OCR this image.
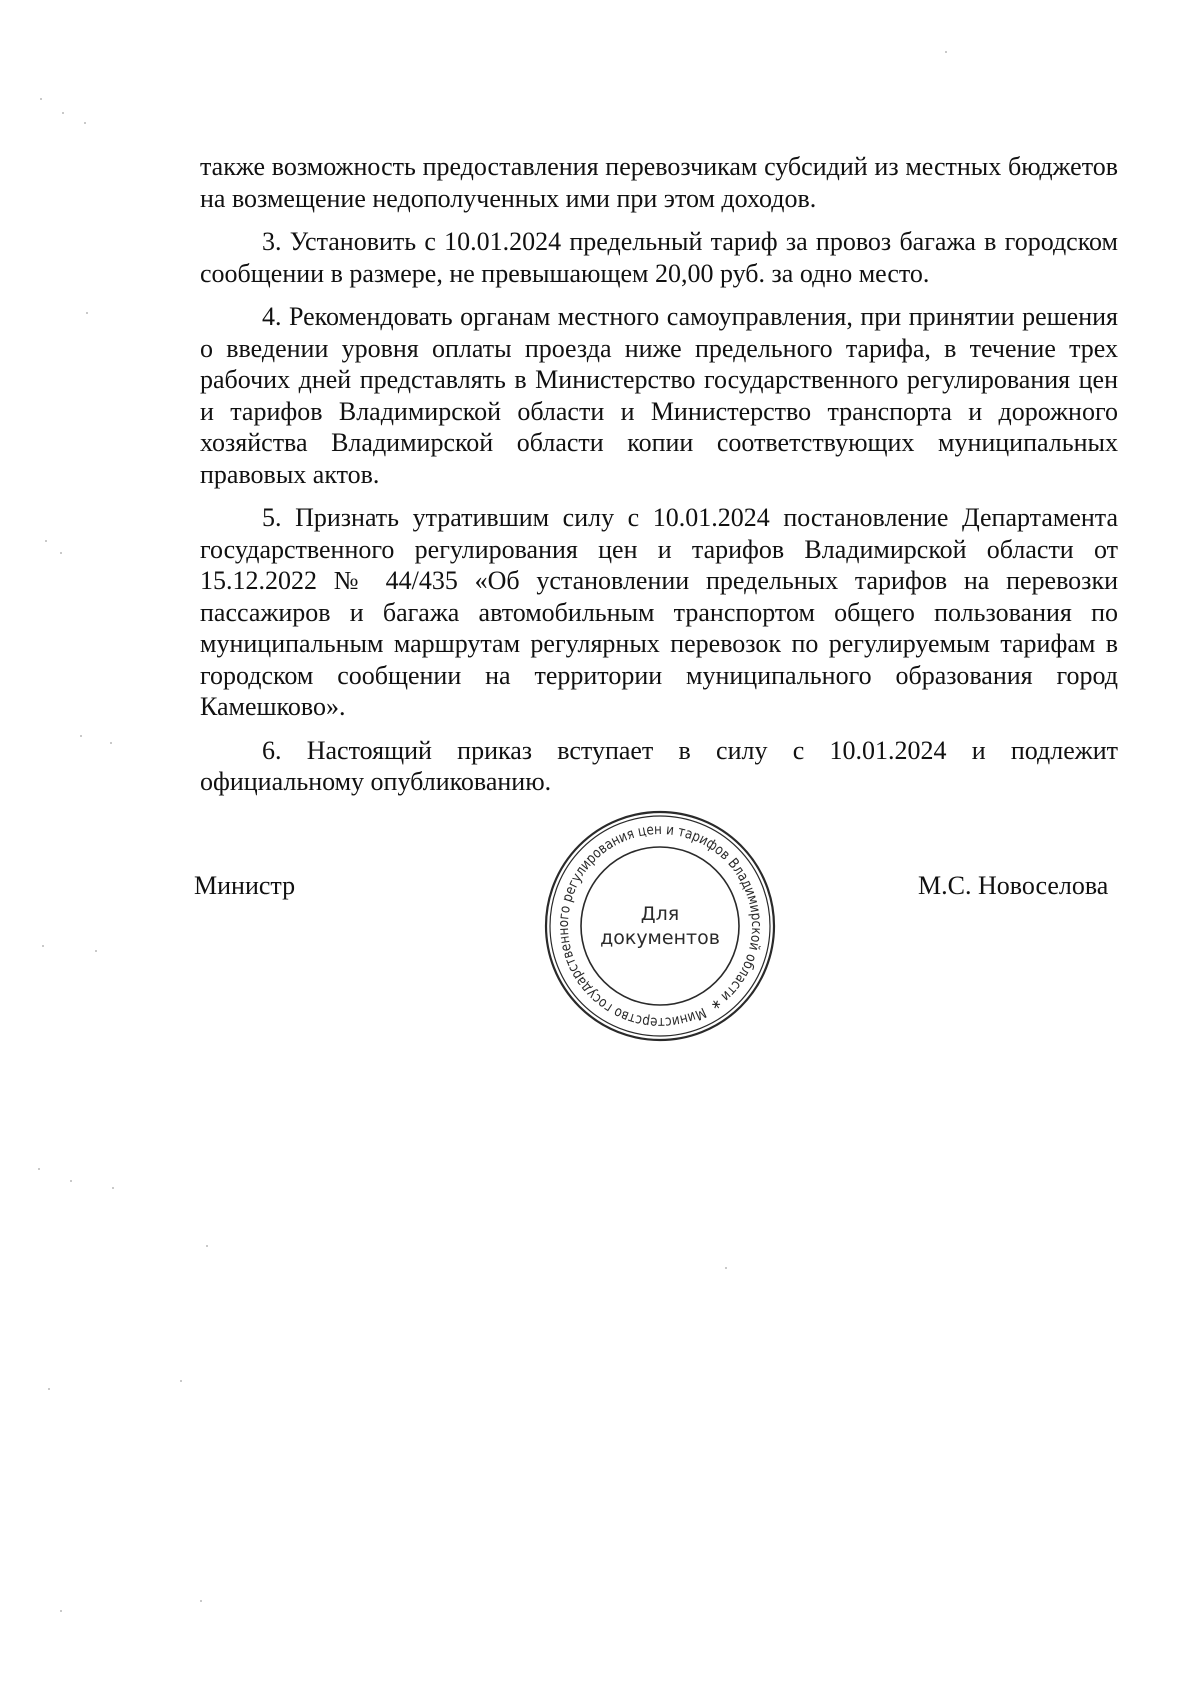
также возможность предоставления перевозчикам субсидий из местных бюджетов на возмещение недополученных ими при этом доходов.

3. Установить с 10.01.2024 предельный тариф за провоз багажа в городском сообщении в размере, не превышающем 20,00 руб. за одно место.

4. Рекомендовать органам местного самоуправления, при принятии решения о введении уровня оплаты проезда ниже предельного тарифа, в течение трех рабочих дней представлять в Министерство государственного регулирования цен и тарифов Владимирской области и Министерство транспорта и дорожного хозяйства Владимирской области копии соответствующих муниципальных правовых актов.

5. Признать утратившим силу с 10.01.2024 постановление Департамента государственного регулирования цен и тарифов Владимирской области от 15.12.2022 № 44/435 «Об установлении предельных тарифов на перевозки пассажиров и багажа автомобильным транспортом общего пользования по муниципальным маршрутам регулярных перевозок по регулируемым тарифам в городском сообщении на территории муниципального образования город Камешково».

6. Настоящий приказ вступает в силу с 10.01.2024 и подлежит официальному опубликованию.

Министр	М.С. Новоселова
Министерство государственного регулирования цен и тарифов Владимирской области ∗
Для
документов
